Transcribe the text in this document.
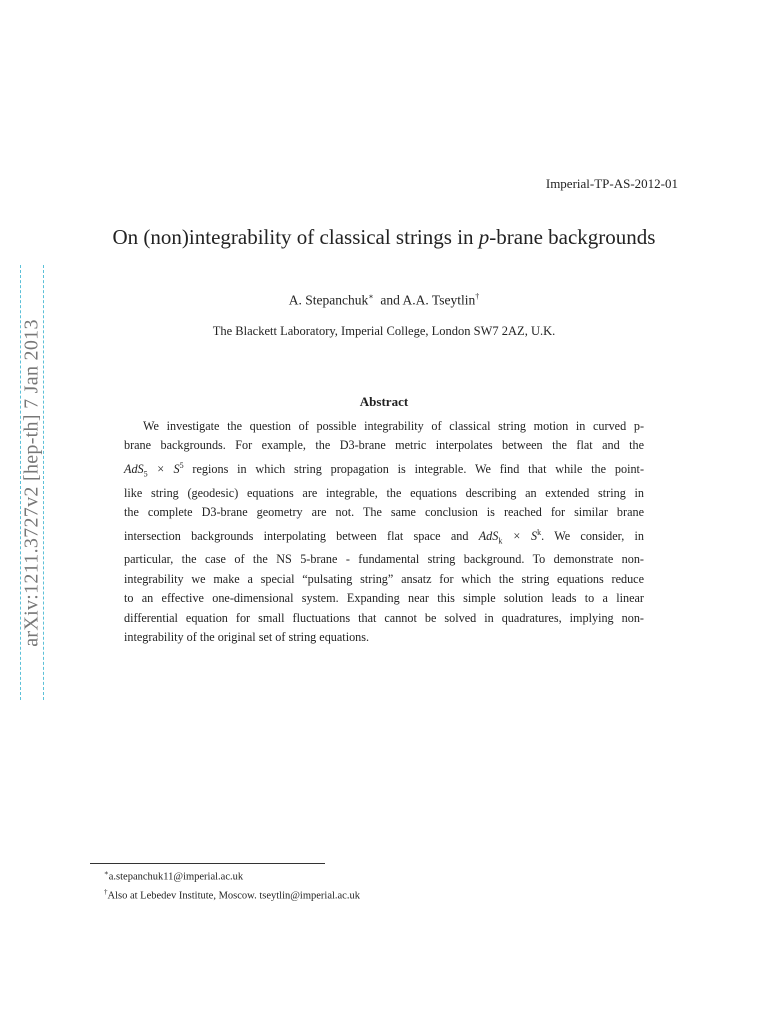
arXiv:1211.3727v2 [hep-th] 7 Jan 2013
Imperial-TP-AS-2012-01
On (non)integrability of classical strings in p-brane backgrounds
A. Stepanchuk∗ and A.A. Tseytlin†
The Blackett Laboratory, Imperial College, London SW7 2AZ, U.K.
Abstract
We investigate the question of possible integrability of classical string motion in curved p-
brane backgrounds. For example, the D3-brane metric interpolates between the flat and the
$AdS_5 \times S^5$ regions in which string propagation is integrable. We find that while the point-
like string (geodesic) equations are integrable, the equations describing an extended string in
the complete D3-brane geometry are not. The same conclusion is reached for similar brane
intersection backgrounds interpolating between flat space and $AdS_k \times S^k$. We consider, in
particular, the case of the NS 5-brane - fundamental string background. To demonstrate non-
integrability we make a special “pulsating string” ansatz for which the string equations reduce
to an effective one-dimensional system. Expanding near this simple solution leads to a linear
differential equation for small fluctuations that cannot be solved in quadratures, implying non-
integrability of the original set of string equations.
∗a.stepanchuk11@imperial.ac.uk
†Also at Lebedev Institute, Moscow. tseytlin@imperial.ac.uk
